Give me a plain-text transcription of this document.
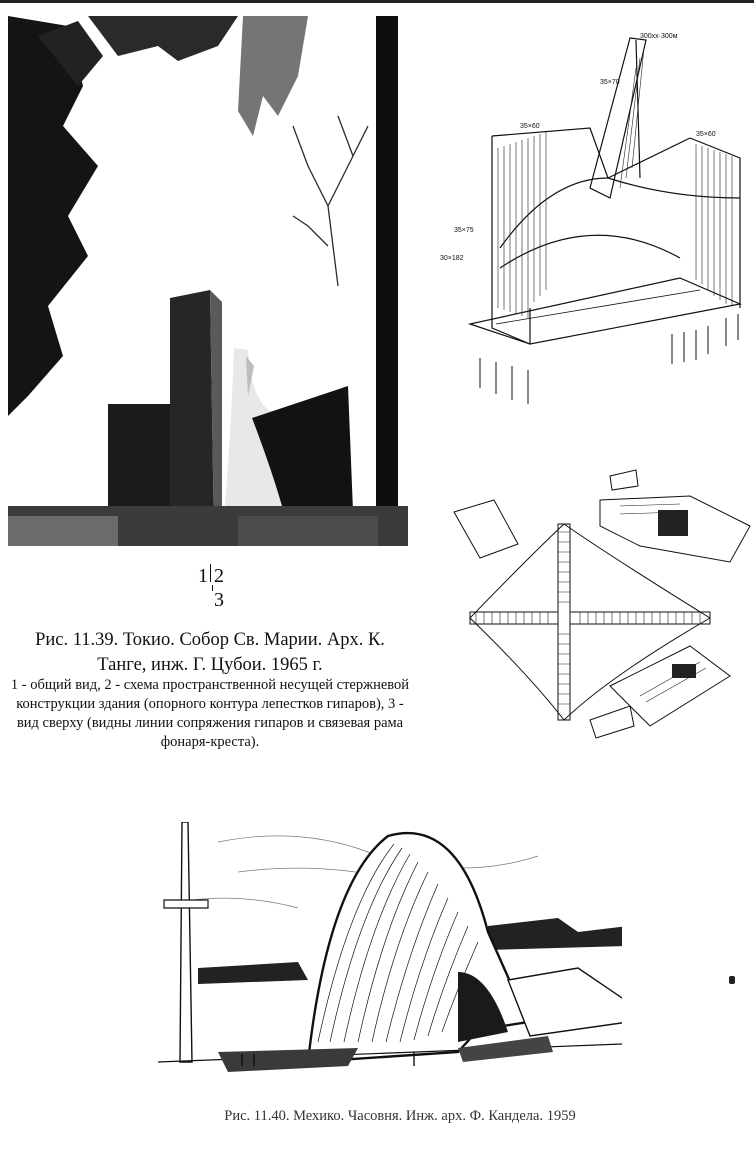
1 2
3
300хх·300м
35×70
35×60
35×60
35×75
30×182

Рис. 11.39. Токио. Собор Св. Марии. Арх. К. Танге, инж. Г. Цубои. 1965 г.

1 - общий вид, 2 - схема пространственной несущей стержневой конструкции здания (опорного контура лепестков гипаров), 3 - вид сверху (видны линии сопряжения гипаров и связевая рама фонаря-креста).

Рис. 11.40. Мехико. Часовня. Инж. арх. Ф. Канделa. 1959
